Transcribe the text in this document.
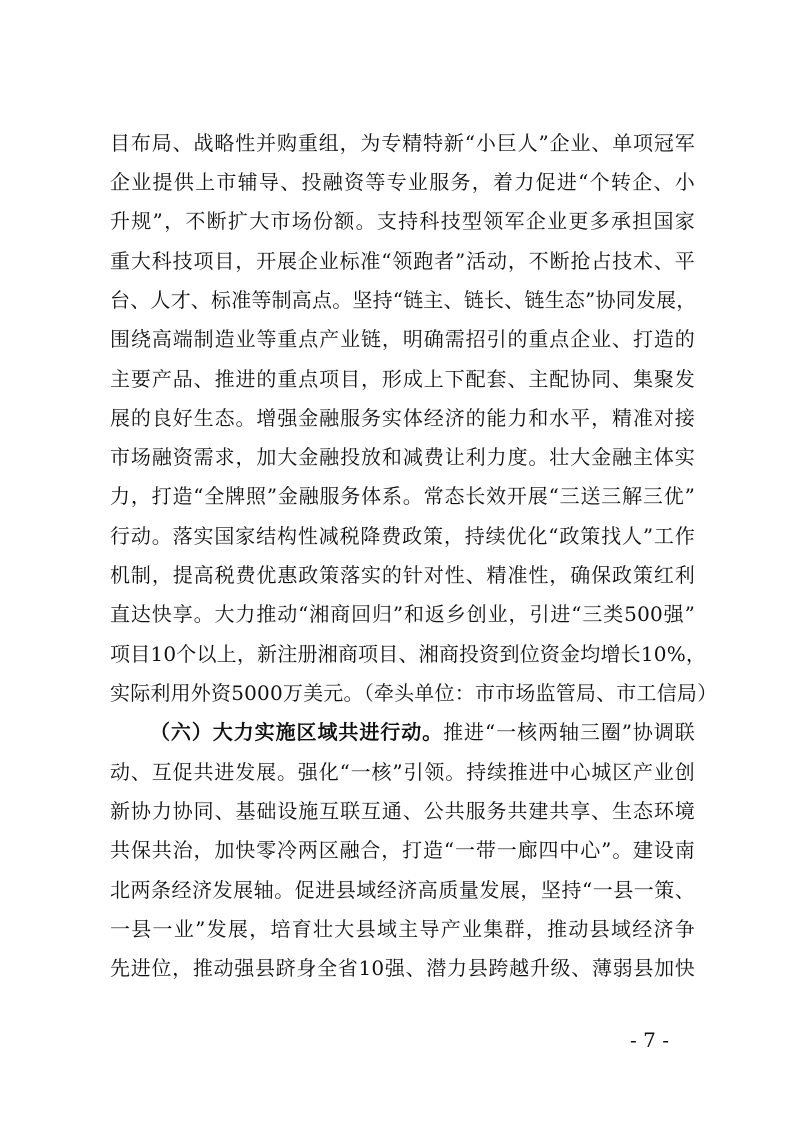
目布局、战略性并购重组，为专精特新“小巨人”企业、单项冠军
企业提供上市辅导、投融资等专业服务，着力促进“个转企、小
升规”，不断扩大市场份额。支持科技型领军企业更多承担国家
重大科技项目，开展企业标准“领跑者”活动，不断抢占技术、平
台、人才、标准等制高点。坚持“链主、链长、链生态”协同发展，
围绕高端制造业等重点产业链，明确需招引的重点企业、打造的
主要产品、推进的重点项目，形成上下配套、主配协同、集聚发
展的良好生态。增强金融服务实体经济的能力和水平，精准对接
市场融资需求，加大金融投放和减费让利力度。壮大金融主体实
力，打造“全牌照”金融服务体系。常态长效开展“三送三解三优”
行动。落实国家结构性减税降费政策，持续优化“政策找人”工作
机制，提高税费优惠政策落实的针对性、精准性，确保政策红利
直达快享。大力推动“湘商回归”和返乡创业，引进“三类500强”
项目10个以上，新注册湘商项目、湘商投资到位资金均增长10%，
实际利用外资5000万美元。（牵头单位：市市场监管局、市工信局）
（六）大力实施区域共进行动。推进“一核两轴三圈”协调联
动、互促共进发展。强化“一核”引领。持续推进中心城区产业创
新协力协同、基础设施互联互通、公共服务共建共享、生态环境
共保共治，加快零冷两区融合，打造“一带一廊四中心”。建设南
北两条经济发展轴。促进县域经济高质量发展，坚持“一县一策、
一县一业”发展，培育壮大县域主导产业集群，推动县域经济争
先进位，推动强县跻身全省10强、潜力县跨越升级、薄弱县加快
- 7 -
